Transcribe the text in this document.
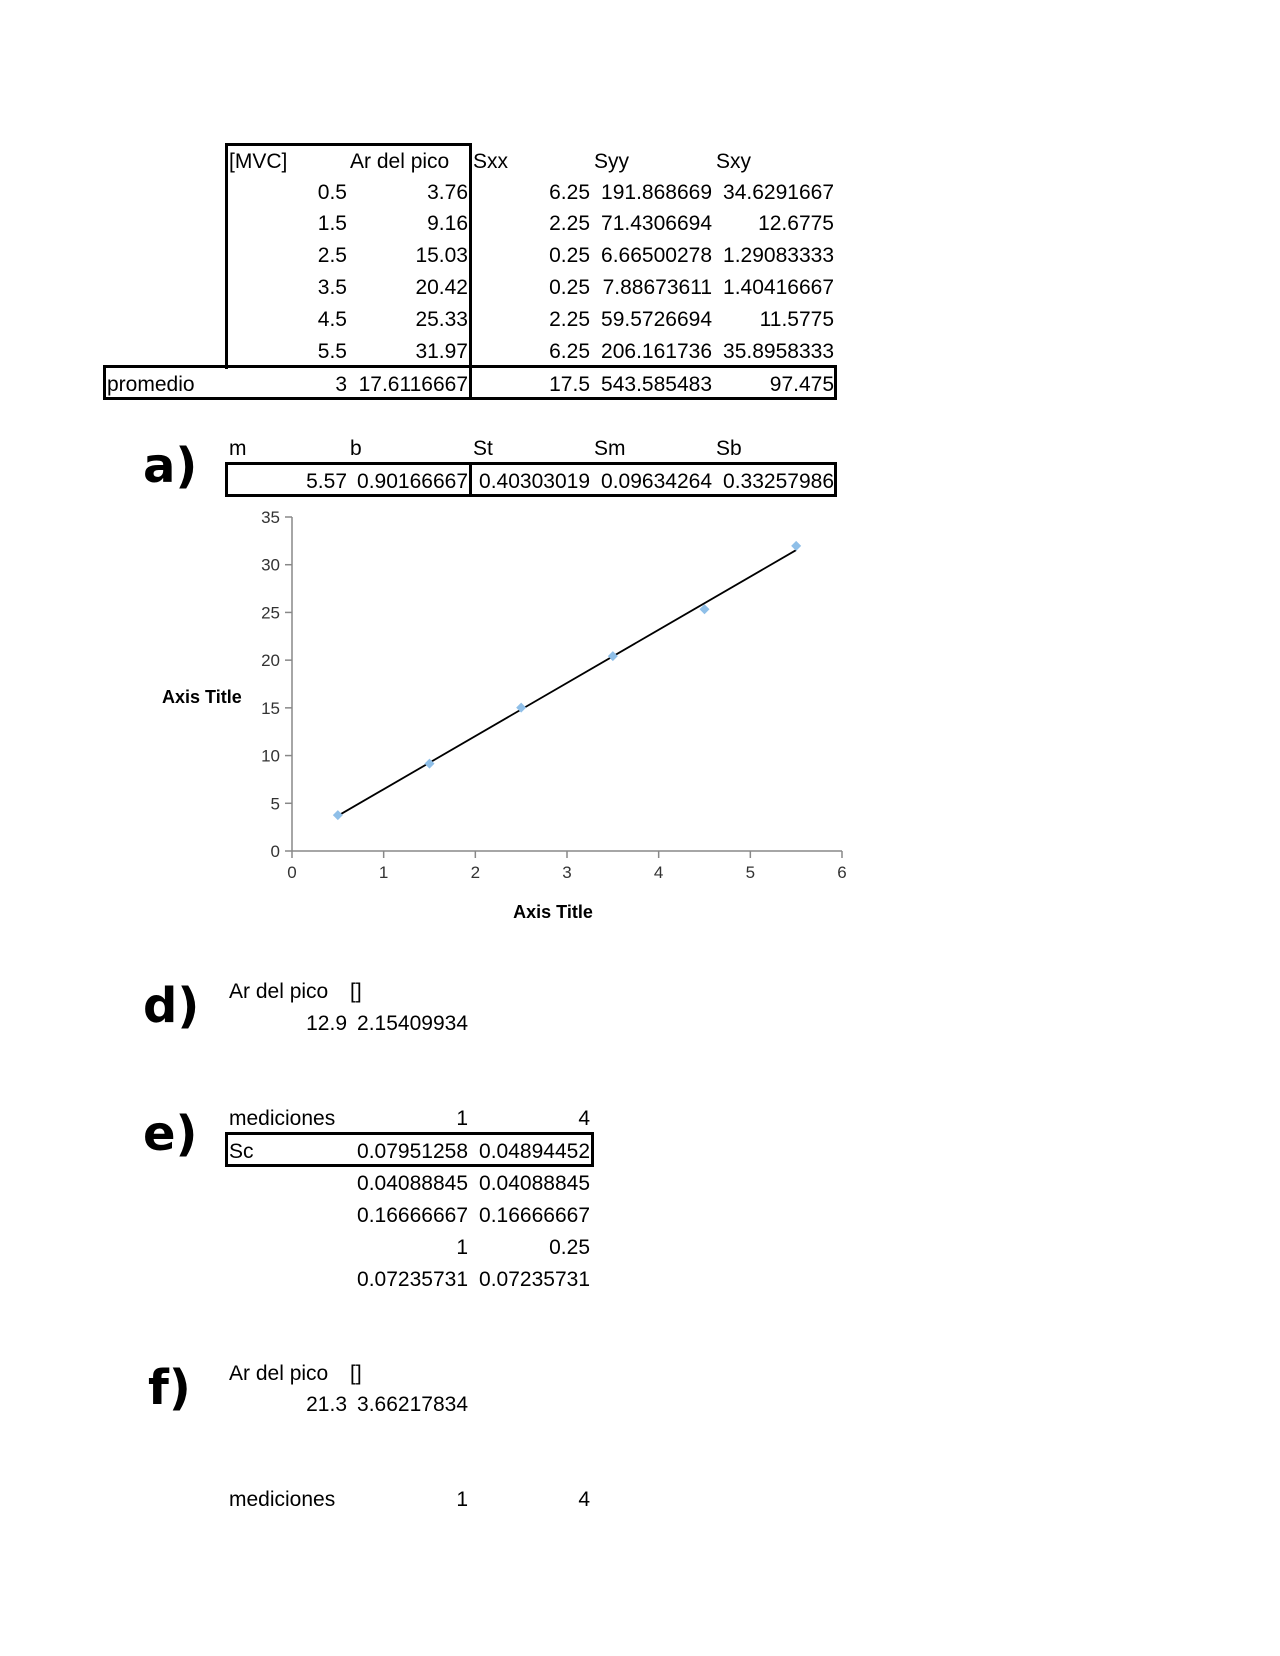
[MVC]	Ar del pico Sxx	Syy	Sxy
0.5	3.76	6.25 191.868669 34.6291667
1.5	9.16	2.25 71.4306694 12.6775
2.5	15.03	0.25 6.66500278 1.29083333
3.5	20.42	0.25 7.88673611 1.40416667
4.5	25.33	2.25 59.5726694 11.5775
5.5	31.97	6.25 206.161736 35.8958333
promedio	3 17.6116667	17.5 543.585483	97.475
a) m	b	St	Sm	Sb
5.57 0.90166667 0.40303019 0.09634264 0.33257986
0
5
10
15
20
25
30
35
0	1	2	3	4	5	6
Axis Title
Axis Title
d) Ar del pico []
12.9 2.15409934
e) mediciones	1	4
Sc	0.07951258 0.04894452
0.04088845 0.04088845
0.16666667 0.16666667
1	0.25
0.07235731 0.07235731
f) Ar del pico []
21.3 3.66217834
mediciones	1	4
